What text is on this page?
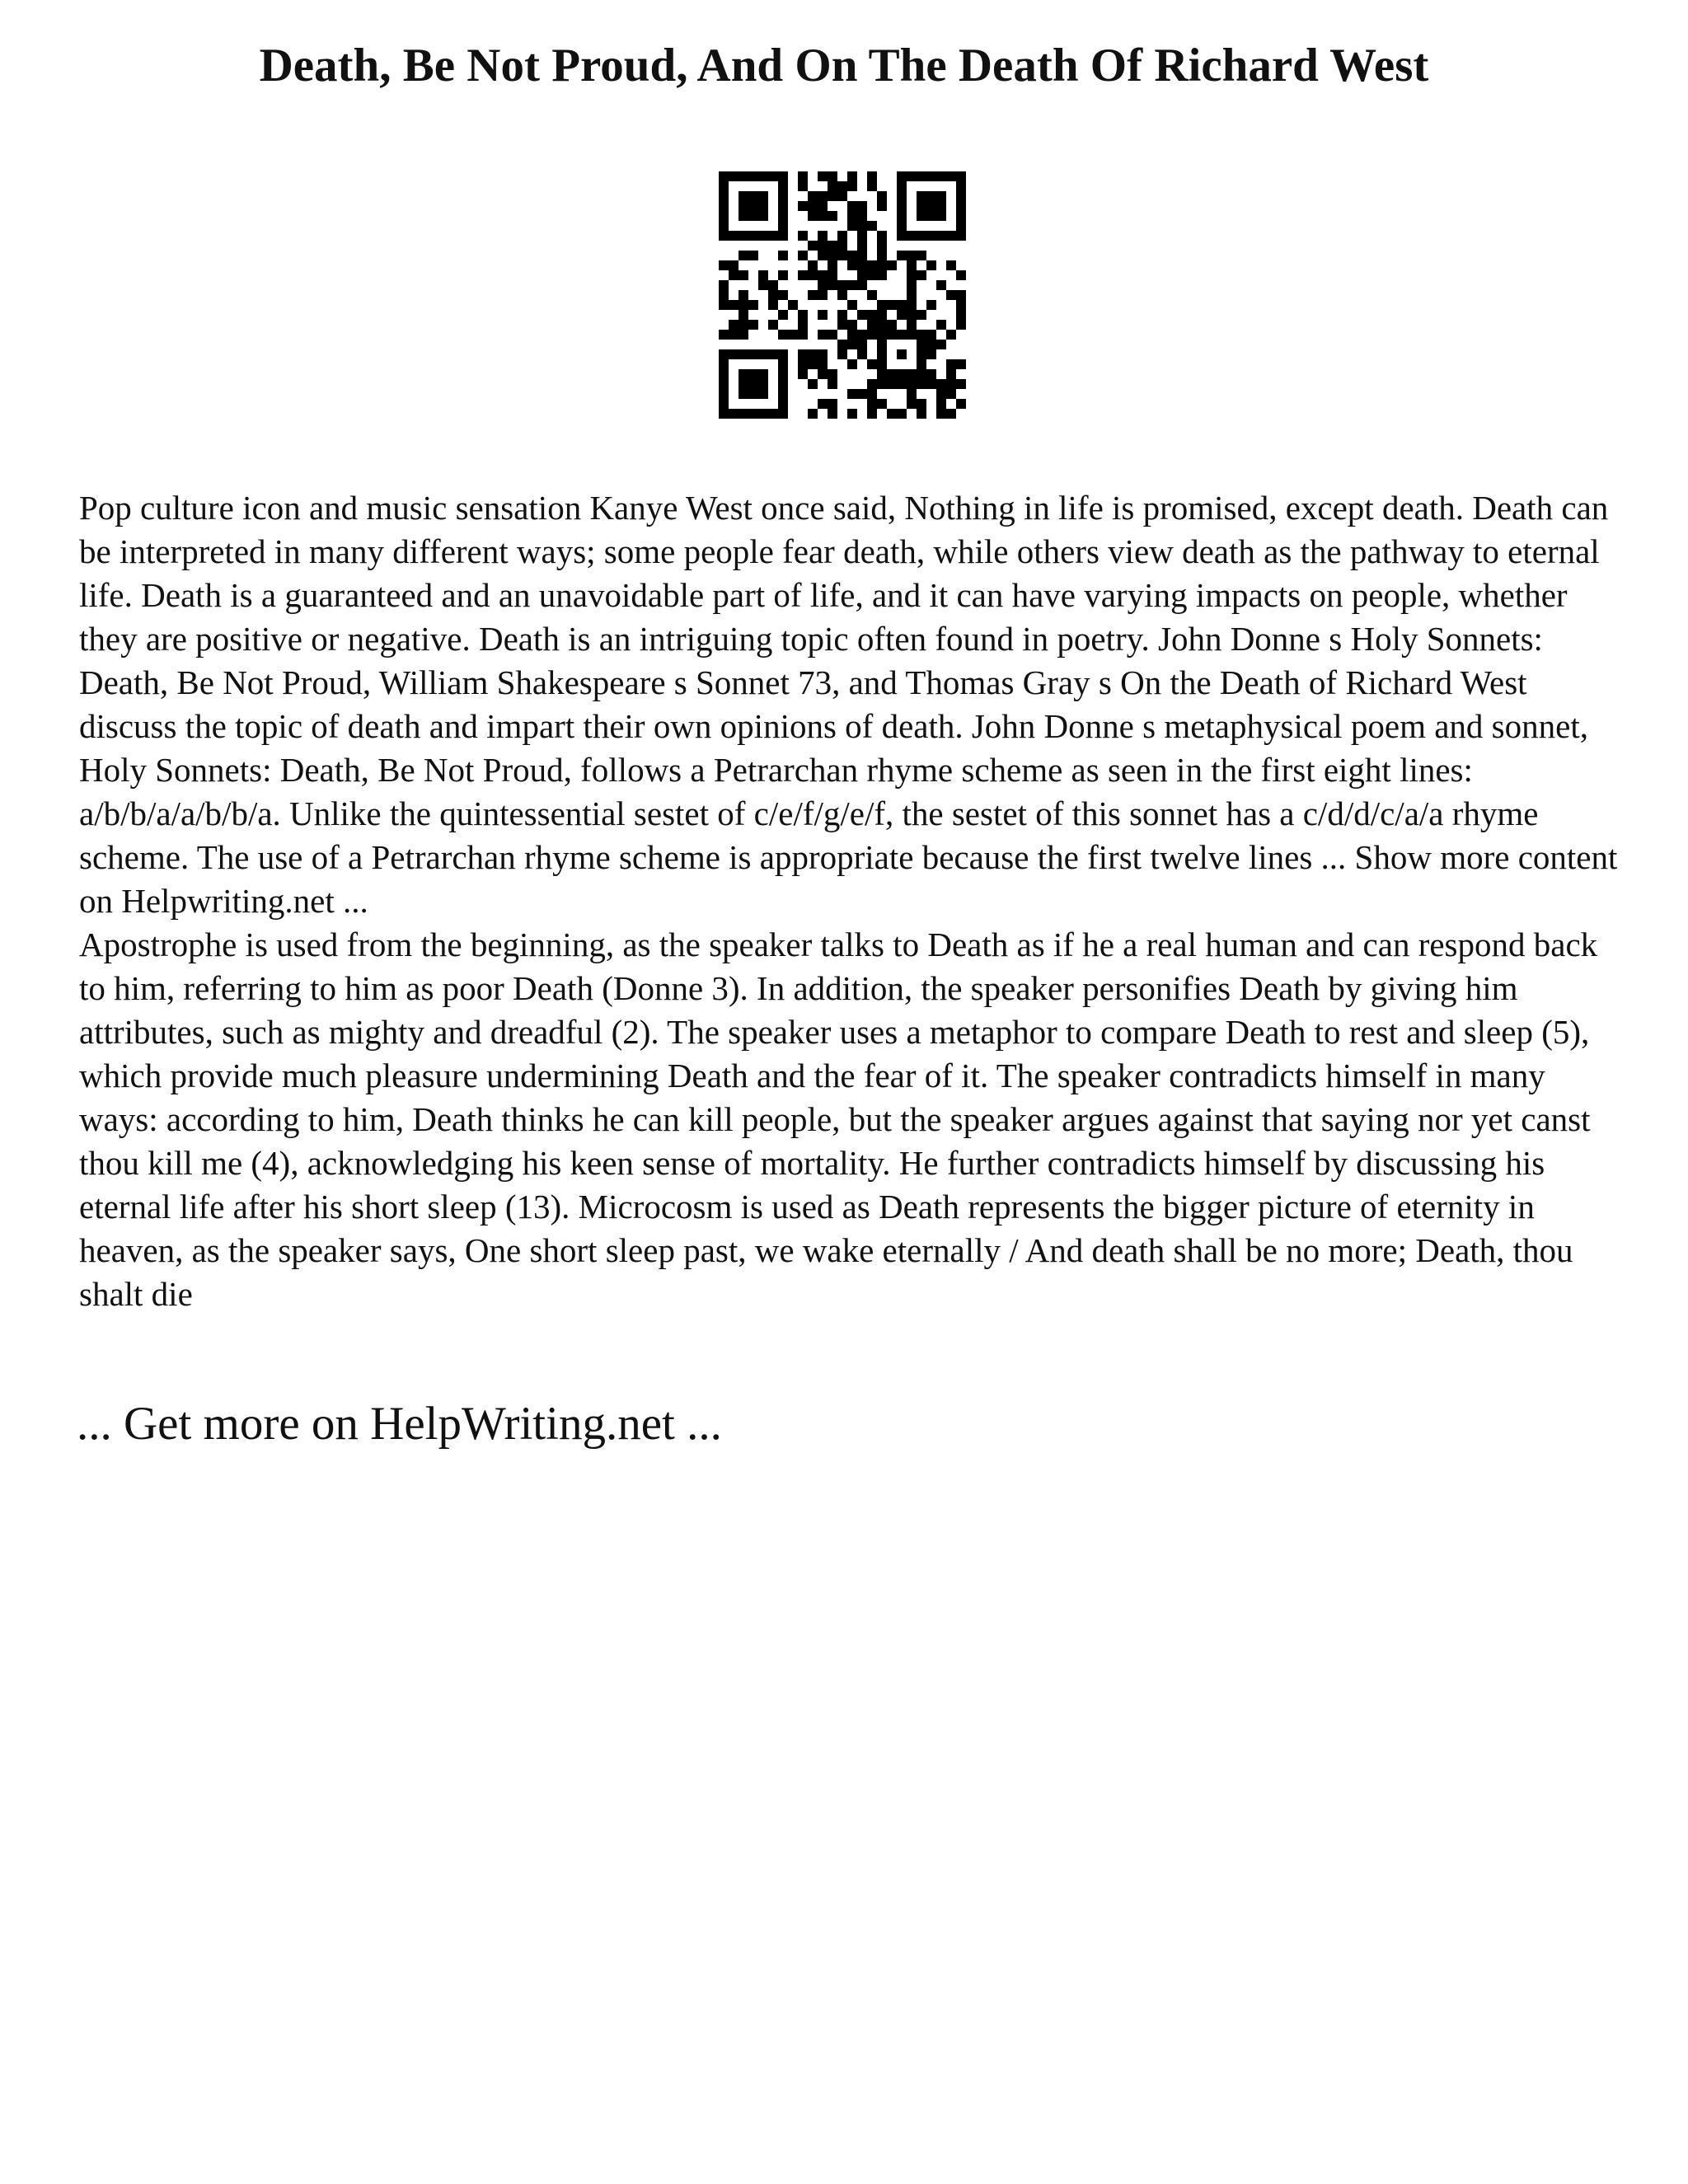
Death, Be Not Proud, And On The Death Of Richard West

Pop culture icon and music sensation Kanye West once said, Nothing in life is promised, except death. Death can be interpreted in many different ways; some people fear death, while others view death as the pathway to eternal life. Death is a guaranteed and an unavoidable part of life, and it can have varying impacts on people, whether they are positive or negative. Death is an intriguing topic often found in poetry. John Donne s Holy Sonnets: Death, Be Not Proud, William Shakespeare s Sonnet 73, and Thomas Gray s On the Death of Richard West discuss the topic of death and impart their own opinions of death. John Donne s metaphysical poem and sonnet, Holy Sonnets: Death, Be Not Proud, follows a Petrarchan rhyme scheme as seen in the first eight lines: a/b/b/a/a/b/b/a. Unlike the quintessential sestet of c/e/f/g/e/f, the sestet of this sonnet has a c/d/d/c/a/a rhyme scheme. The use of a Petrarchan rhyme scheme is appropriate because the first twelve lines ... Show more content on Helpwriting.net ...

Apostrophe is used from the beginning, as the speaker talks to Death as if he a real human and can respond back to him, referring to him as poor Death (Donne 3). In addition, the speaker personifies Death by giving him attributes, such as mighty and dreadful (2). The speaker uses a metaphor to compare Death to rest and sleep (5), which provide much pleasure undermining Death and the fear of it. The speaker contradicts himself in many ways: according to him, Death thinks he can kill people, but the speaker argues against that saying nor yet canst thou kill me (4), acknowledging his keen sense of mortality. He further contradicts himself by discussing his eternal life after his short sleep (13). Microcosm is used as Death represents the bigger picture of eternity in heaven, as the speaker says, One short sleep past, we wake eternally / And death shall be no more; Death, thou shalt die

... Get more on HelpWriting.net ...
